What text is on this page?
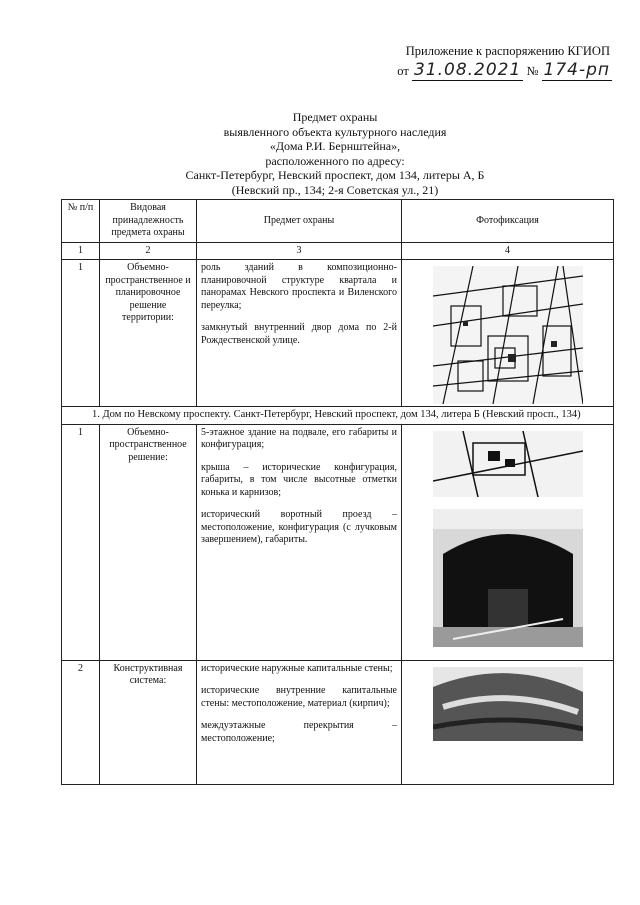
Приложение к распоряжению КГИОП
от 31.08.2021 № 174-рп
Предмет охраны
выявленного объекта культурного наследия
«Дома Р.И. Бернштейна»,
расположенного по адресу:
Санкт-Петербург, Невский проспект, дом 134, литеры А, Б
(Невский пр., 134; 2-я Советская ул., 21)
№ п/п	Видовая принадлежность предмета охраны	Предмет охраны	Фотофиксация
1	2	3	4
1	Объемно-пространственное и планировочное решение территории:	роль зданий в композиционно-планировочной структуре квартала и панорамах Невского проспекта и Виленского переулка;

замкнутый внутренний двор дома по 2-й Рождественской улице.

1. Дом по Невскому проспекту. Санкт-Петербург, Невский проспект, дом 134, литера Б (Невский просп., 134)			
1	Объемно-пространственное решение:	5-этажное здание на подвале, его габариты и конфигурация;

крыша – исторические конфигурация, габариты, в том числе высотные отметки конька и карнизов;

исторический воротный проезд – местоположение, конфигурация (с лучковым завершением), габариты.

2	Конструктивная система:	исторические наружные капитальные стены;

исторические внутренние капитальные стены: местоположение, материал (кирпич);

междуэтажные перекрытия – местоположение;
